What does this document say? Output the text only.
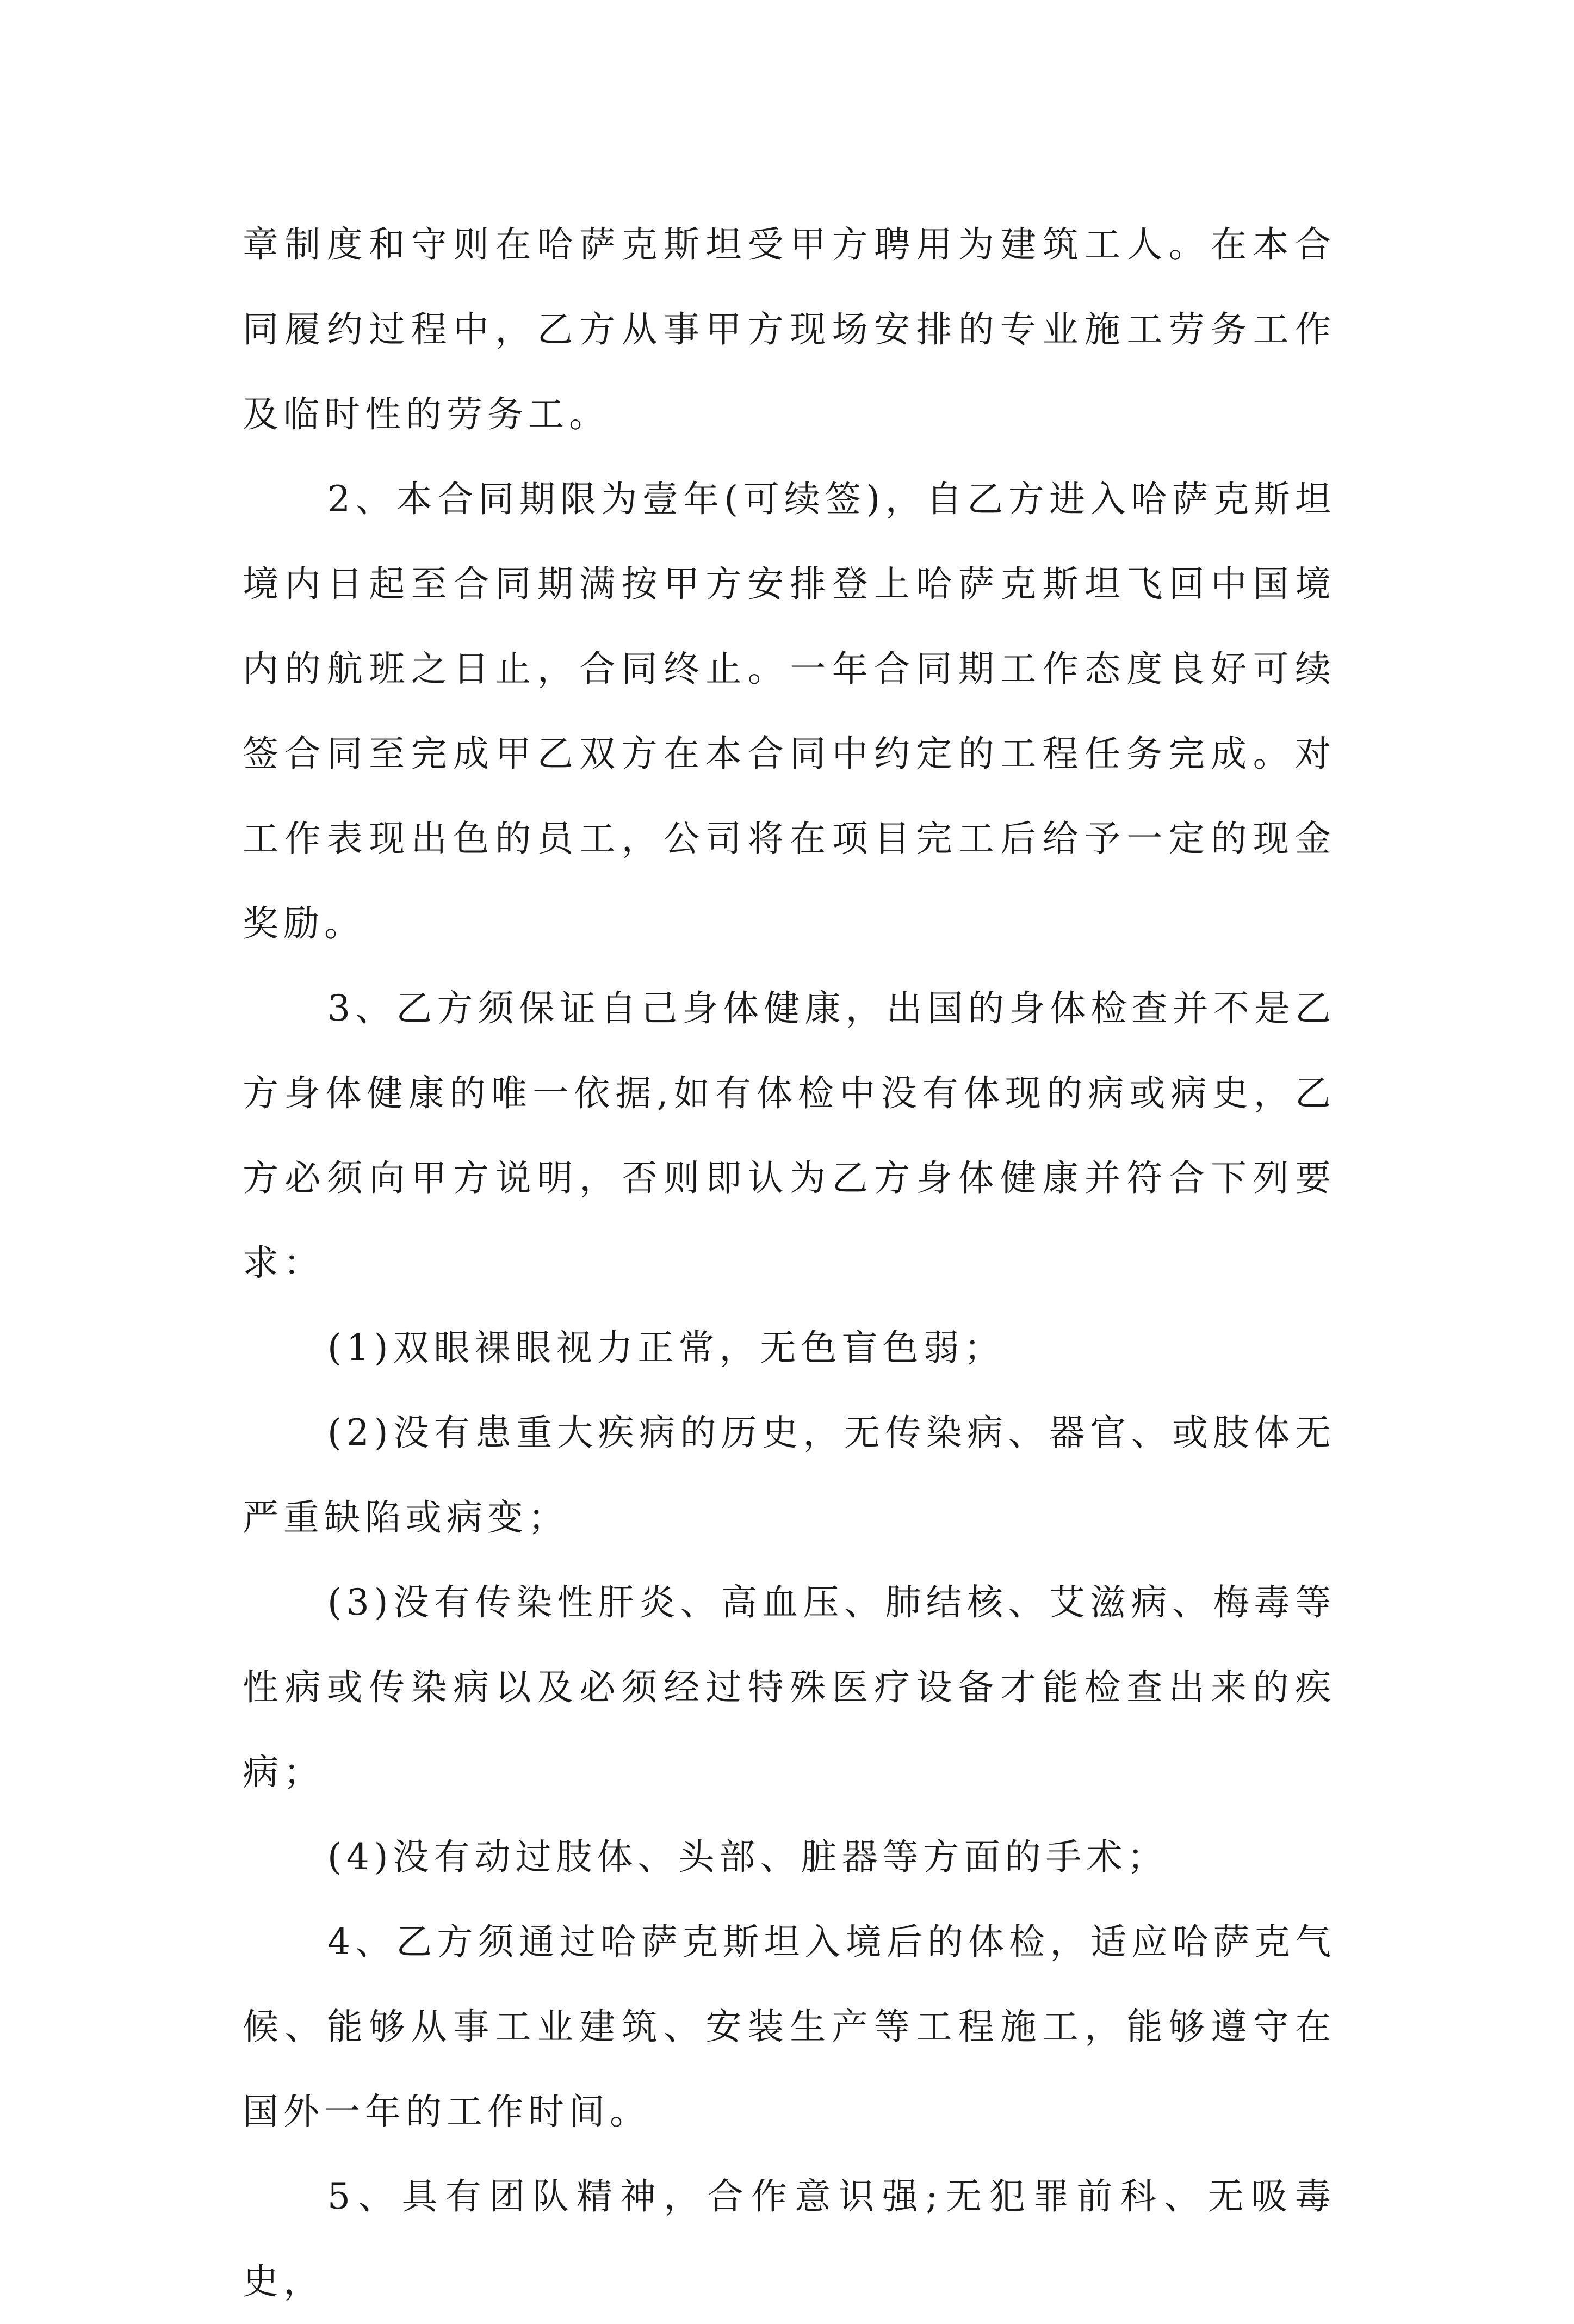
章制度和守则在哈萨克斯坦受甲方聘用为建筑工人。在本合同履约过程中，乙方从事甲方现场安排的专业施工劳务工作及临时性的劳务工。

2、本合同期限为壹年(可续签)，自乙方进入哈萨克斯坦境内日起至合同期满按甲方安排登上哈萨克斯坦飞回中国境内的航班之日止，合同终止。一年合同期工作态度良好可续签合同至完成甲乙双方在本合同中约定的工程任务完成。对工作表现出色的员工，公司将在项目完工后给予一定的现金奖励。

3、乙方须保证自己身体健康，出国的身体检查并不是乙方身体健康的唯一依据,如有体检中没有体现的病或病史，乙方必须向甲方说明，否则即认为乙方身体健康并符合下列要求：

(1)双眼裸眼视力正常，无色盲色弱；

(2)没有患重大疾病的历史，无传染病、器官、或肢体无严重缺陷或病变；

(3)没有传染性肝炎、高血压、肺结核、艾滋病、梅毒等性病或传染病以及必须经过特殊医疗设备才能检查出来的疾病；

(4)没有动过肢体、头部、脏器等方面的手术；

4、乙方须通过哈萨克斯坦入境后的体检，适应哈萨克气候、能够从事工业建筑、安装生产等工程施工，能够遵守在国外一年的工作时间。

5、具有团队精神，合作意识强;无犯罪前科、无吸毒史，
